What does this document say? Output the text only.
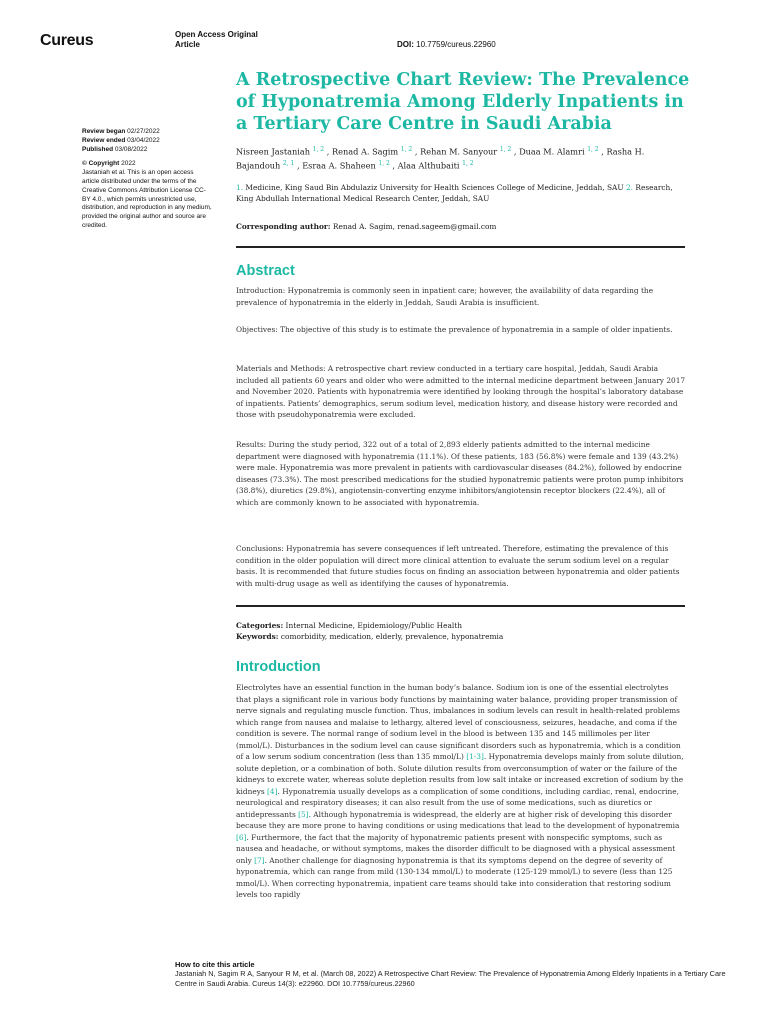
Cureus	Open Access Original
Article	DOI: 10.7759/cureus.22960
A Retrospective Chart Review: The Prevalence of Hyponatremia Among Elderly Inpatients in a Tertiary Care Centre in Saudi Arabia
Review began 02/27/2022
Review ended 03/04/2022
Published 03/08/2022
© Copyright 2022
Jastaniah et al. This is an open access article distributed under the terms of the Creative Commons Attribution License CC-BY 4.0., which permits unrestricted use, distribution, and reproduction in any medium, provided the original author and source are credited.
Nisreen Jastaniah $^{1, 2}$ , Renad A. Sagim $^{1, 2}$ , Rehan M. Sanyour $^{1, 2}$ , Duaa M. Alamri $^{1, 2}$ , Rasha H. Bajandouh $^{2, 1}$ , Esraa A. Shaheen $^{1, 2}$ , Alaa Althubaiti $^{1, 2}$
1. Medicine, King Saud Bin Abdulaziz University for Health Sciences College of Medicine, Jeddah, SAU 2. Research, King Abdullah International Medical Research Center, Jeddah, SAU
Corresponding author: Renad A. Sagim, renad.sageem@gmail.com
Abstract

Introduction: Hyponatremia is commonly seen in inpatient care; however, the availability of data regarding the prevalence of hyponatremia in the elderly in Jeddah, Saudi Arabia is insufficient.

Objectives: The objective of this study is to estimate the prevalence of hyponatremia in a sample of older inpatients.

Materials and Methods: A retrospective chart review conducted in a tertiary care hospital, Jeddah, Saudi Arabia included all patients 60 years and older who were admitted to the internal medicine department between January 2017 and November 2020. Patients with hyponatremia were identified by looking through the hospital’s laboratory database of inpatients. Patients’ demographics, serum sodium level, medication history, and disease history were recorded and those with pseudohyponatremia were excluded.

Results: During the study period, 322 out of a total of 2,893 elderly patients admitted to the internal medicine department were diagnosed with hyponatremia (11.1%). Of these patients, 183 (56.8%) were female and 139 (43.2%) were male. Hyponatremia was more prevalent in patients with cardiovascular diseases (84.2%), followed by endocrine diseases (73.3%). The most prescribed medications for the studied hyponatremic patients were proton pump inhibitors (38.8%), diuretics (29.8%), angiotensin-converting enzyme inhibitors/angiotensin receptor blockers (22.4%), all of which are commonly known to be associated with hyponatremia.

Conclusions: Hyponatremia has severe consequences if left untreated. Therefore, estimating the prevalence of this condition in the older population will direct more clinical attention to evaluate the serum sodium level on a regular basis. It is recommended that future studies focus on finding an association between hyponatremia and older patients with multi-drug usage as well as identifying the causes of hyponatremia.

Categories: Internal Medicine, Epidemiology/Public Health
Keywords: comorbidity, medication, elderly, prevalence, hyponatremia
Introduction

Electrolytes have an essential function in the human body’s balance. Sodium ion is one of the essential electrolytes that plays a significant role in various body functions by maintaining water balance, providing proper transmission of nerve signals and regulating muscle function. Thus, imbalances in sodium levels can result in health-related problems which range from nausea and malaise to lethargy, altered level of consciousness, seizures, headache, and coma if the condition is severe. The normal range of sodium level in the blood is between 135 and 145 millimoles per liter (mmol/L). Disturbances in the sodium level can cause significant disorders such as hyponatremia, which is a condition of a low serum sodium concentration (less than 135 mmol/L) [1-3]. Hyponatremia develops mainly from solute dilution, solute depletion, or a combination of both. Solute dilution results from overconsumption of water or the failure of the kidneys to excrete water, whereas solute depletion results from low salt intake or increased excretion of sodium by the kidneys [4]. Hyponatremia usually develops as a complication of some conditions, including cardiac, renal, endocrine, neurological and respiratory diseases; it can also result from the use of some medications, such as diuretics or antidepressants [5]. Although hyponatremia is widespread, the elderly are at higher risk of developing this disorder because they are more prone to having conditions or using medications that lead to the development of hyponatremia [6]. Furthermore, the fact that the majority of hyponatremic patients present with nonspecific symptoms, such as nausea and headache, or without symptoms, makes the disorder difficult to be diagnosed with a physical assessment only [7]. Another challenge for diagnosing hyponatremia is that its symptoms depend on the degree of severity of hyponatremia, which can range from mild (130-134 mmol/L) to moderate (125-129 mmol/L) to severe (less than 125 mmol/L). When correcting hyponatremia, inpatient care teams should take into consideration that restoring sodium levels too rapidly

How to cite this article
Jastaniah N, Sagim R A, Sanyour R M, et al. (March 08, 2022) A Retrospective Chart Review: The Prevalence of Hyponatremia Among Elderly Inpatients in a Tertiary Care Centre in Saudi Arabia. Cureus 14(3): e22960. DOI 10.7759/cureus.22960
